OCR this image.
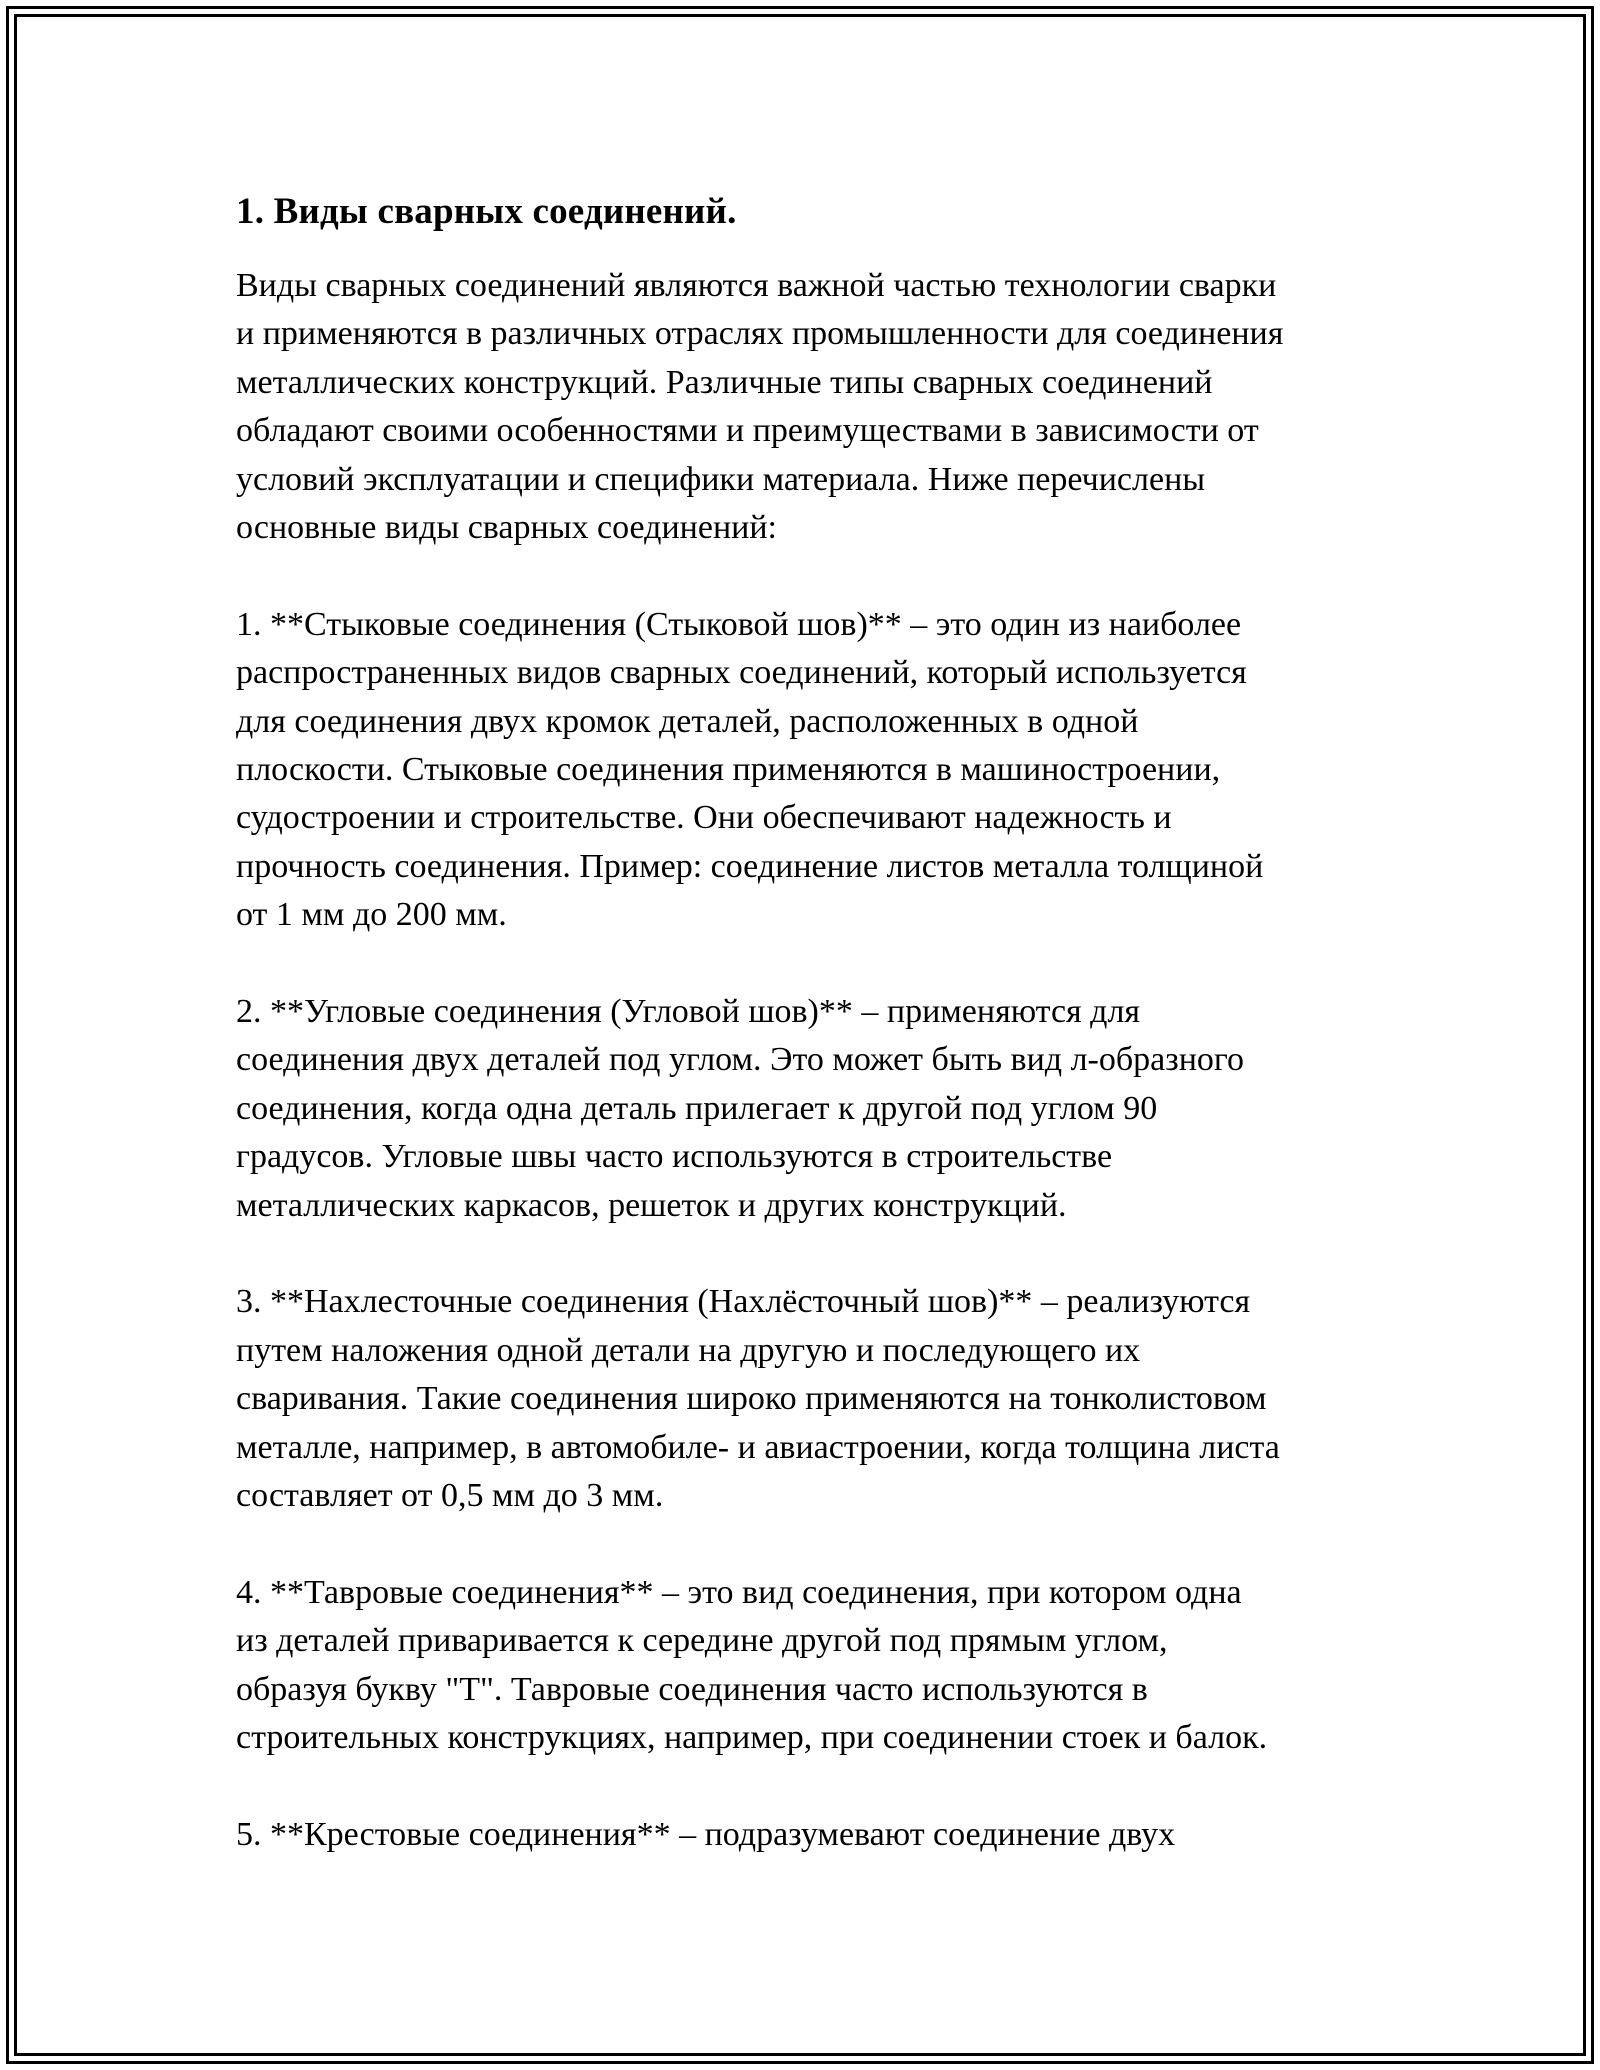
1. Виды сварных соединений.

Виды сварных соединений являются важной частью технологии сварки
и применяются в различных отраслях промышленности для соединения
металлических конструкций. Различные типы сварных соединений
обладают своими особенностями и преимуществами в зависимости от
условий эксплуатации и специфики материала. Ниже перечислены
основные виды сварных соединений:

1. **Стыковые соединения (Стыковой шов)** – это один из наиболее
распространенных видов сварных соединений, который используется
для соединения двух кромок деталей, расположенных в одной
плоскости. Стыковые соединения применяются в машиностроении,
судостроении и строительстве. Они обеспечивают надежность и
прочность соединения. Пример: соединение листов металла толщиной
от 1 мм до 200 мм.

2. **Угловые соединения (Угловой шов)** – применяются для
соединения двух деталей под углом. Это может быть вид л-образного
соединения, когда одна деталь прилегает к другой под углом 90
градусов. Угловые швы часто используются в строительстве
металлических каркасов, решеток и других конструкций.

3. **Нахлесточные соединения (Нахлёсточный шов)** – реализуются
путем наложения одной детали на другую и последующего их
сваривания. Такие соединения широко применяются на тонколистовом
металле, например, в автомобиле- и авиастроении, когда толщина листа
составляет от 0,5 мм до 3 мм.

4. **Тавровые соединения** – это вид соединения, при котором одна
из деталей приваривается к середине другой под прямым углом,
образуя букву "Т". Тавровые соединения часто используются в
строительных конструкциях, например, при соединении стоек и балок.

5. **Крестовые соединения** – подразумевают соединение двух
